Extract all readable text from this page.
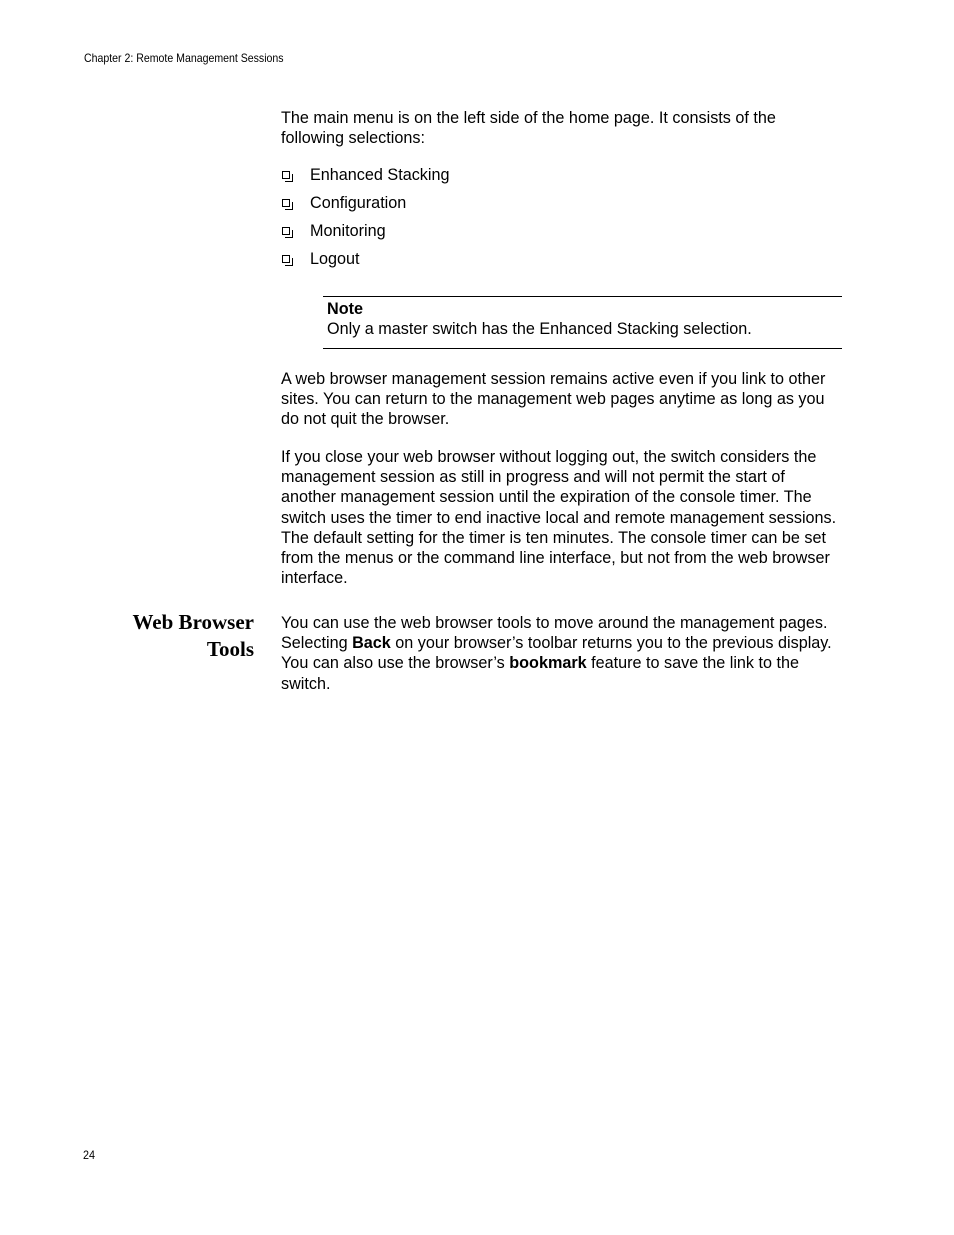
Chapter 2: Remote Management Sessions

The main menu is on the left side of the home page. It consists of the following selections:

Enhanced Stacking
Configuration
Monitoring
Logout
Note
Only a master switch has the Enhanced Stacking selection.

A web browser management session remains active even if you link to other sites. You can return to the management web pages anytime as long as you do not quit the browser.

If you close your web browser without logging out, the switch considers the management session as still in progress and will not permit the start of another management session until the expiration of the console timer. The switch uses the timer to end inactive local and remote management sessions. The default setting for the timer is ten minutes. The console timer can be set from the menus or the command line interface, but not from the web browser interface.

Web Browser
Tools

You can use the web browser tools to move around the management pages. Selecting Back on your browser’s toolbar returns you to the previous display. You can also use the browser’s bookmark feature to save the link to the switch.

24
